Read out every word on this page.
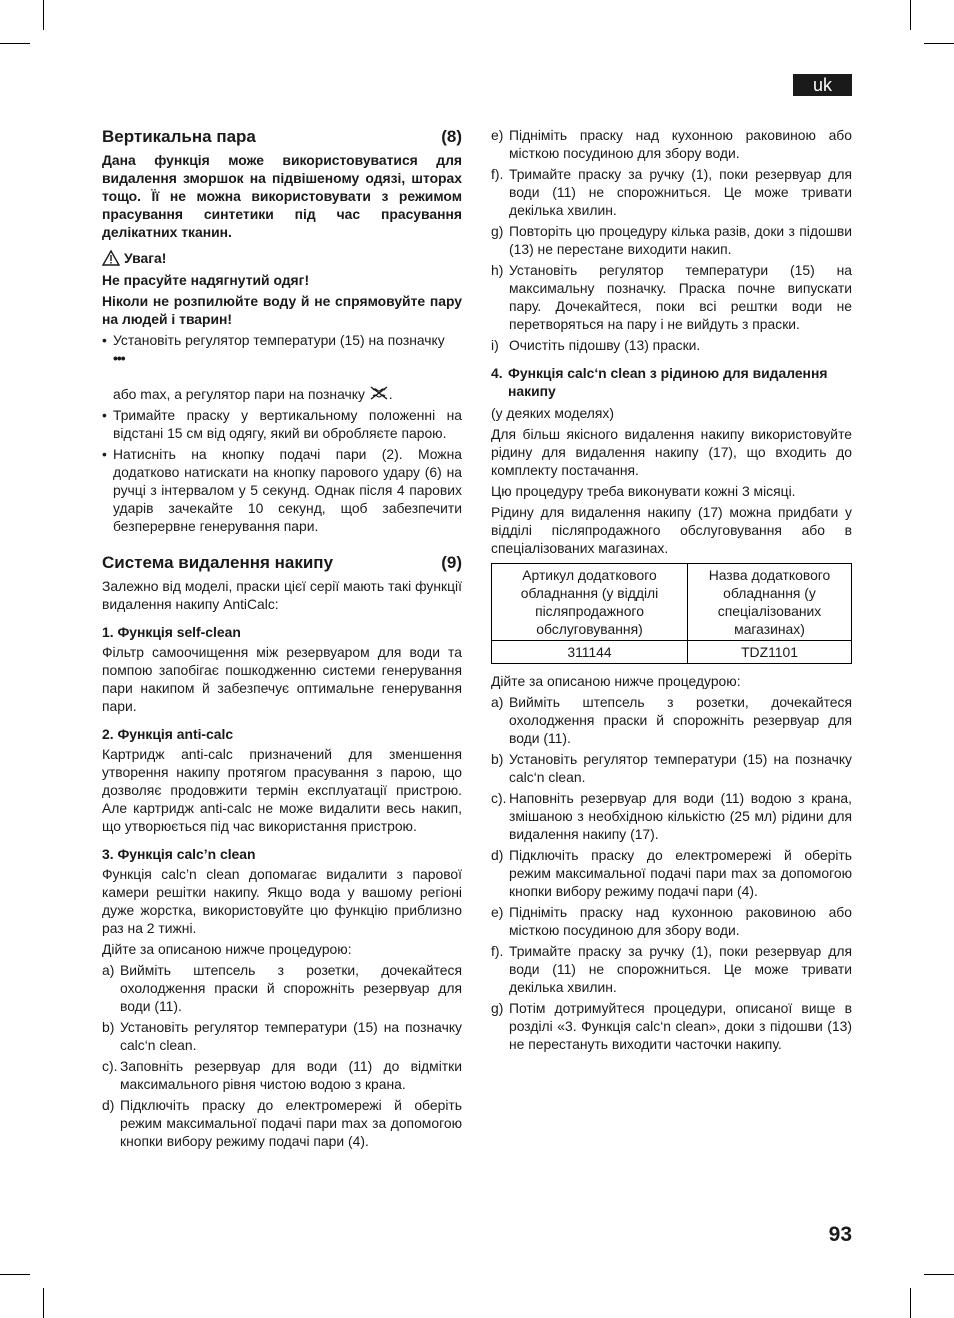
uk
Вертикальна пара	(8)

Дана функція може використовуватися для видалення зморшок на підвішеному одязі, шторах тощо. Її не можна використовувати з режимом прасування синтетики під час прасування делікатних тканин.

Увага!

Не прасуйте надягнутий одяг!

Ніколи не розпилюйте воду й не спрямовуйте пару на людей і тварин!

• Установіть регулятор температури (15) на позначку
•••
або max, а регулятор пари на позначку .
• Тримайте праску у вертикальному положенні на відстані 15 см від одягу, який ви обробляєте парою.
• Натисніть на кнопку подачі пари (2). Можна додатково натискати на кнопку парового удару (6) на ручці з інтервалом у 5 секунд. Однак після 4 парових ударів зачекайте 10 секунд, щоб забезпечити безперервне генерування пари.
Система видалення накипу	(9)

Залежно від моделі, праски цієї серії мають такі функції видалення накипу AntiCalc:

1. Функція self-clean

Фільтр самоочищення між резервуаром для води та помпою запобігає пошкодженню системи генерування пари накипом й забезпечує оптимальне генерування пари.

2. Функція anti-calc

Картридж anti-calc призначений для зменшення утворення накипу протягом прасування з парою, що дозволяє продовжити термін експлуатації пристрою. Але картридж anti-calc не може видалити весь накип, що утворюється під час використання пристрою.

3. Функція calc’n clean

Функція calc’n clean допомагає видалити з парової камери решітки накипу. Якщо вода у вашому регіоні дуже жорстка, використовуйте цю функцію приблизно раз на 2 тижні.

Дійте за описаною нижче процедурою:

a) Вийміть штепсель з розетки, дочекайтеся охолодження праски й спорожніть резервуар для води (11).
b) Установіть регулятор температури (15) на позначку calc‘n clean.
c). Заповніть резервуар для води (11) до відмітки максимального рівня чистою водою з крана.
d) Підключіть праску до електромережі й оберіть режим максимальної подачі пари max за допомогою кнопки вибору режиму подачі пари (4).
e) Підніміть праску над кухонною раковиною або місткою посудиною для збору води.
f). Тримайте праску за ручку (1), поки резервуар для води (11) не спорожниться. Це може тривати декілька хвилин.
g) Повторіть цю процедуру кілька разів, доки з підошви (13) не перестане виходити накип.
h) Установіть регулятор температури (15) на максимальну позначку. Праска почне випускати пару. Дочекайтеся, поки всі рештки води не перетворяться на пару і не вийдуть з праски.
i) Очистіть підошву (13) праски.
4. Функція calc‘n clean з рідиною для видалення накипу

(у деяких моделях)

Для більш якісного видалення накипу використовуйте рідину для видалення накипу (17), що входить до комплекту постачання.

Цю процедуру треба виконувати кожні 3 місяці.

Рідину для видалення накипу (17) можна придбати у відділі післяпродажного обслуговування або в спеціалізованих магазинах.

Артикул додаткового обладнання (у відділі післяпродажного обслуговування)	Назва додаткового обладнання (у спеціалізованих магазинах)
311144	TDZ1101

Дійте за описаною нижче процедурою:

a) Вийміть штепсель з розетки, дочекайтеся охолодження праски й спорожніть резервуар для води (11).
b) Установіть регулятор температури (15) на позначку calc‘n clean.
c). Наповніть резервуар для води (11) водою з крана, змішаною з необхідною кількістю (25 мл) рідини для видалення накипу (17).
d) Підключіть праску до електромережі й оберіть режим максимальної подачі пари max за допомогою кнопки вибору режиму подачі пари (4).
e) Підніміть праску над кухонною раковиною або місткою посудиною для збору води.
f). Тримайте праску за ручку (1), поки резервуар для води (11) не спорожниться. Це може тривати декілька хвилин.
g) Потім дотримуйтеся процедури, описаної вище в розділі «3. Функція calc‘n clean», доки з підошви (13) не перестануть виходити часточки накипу.
93
